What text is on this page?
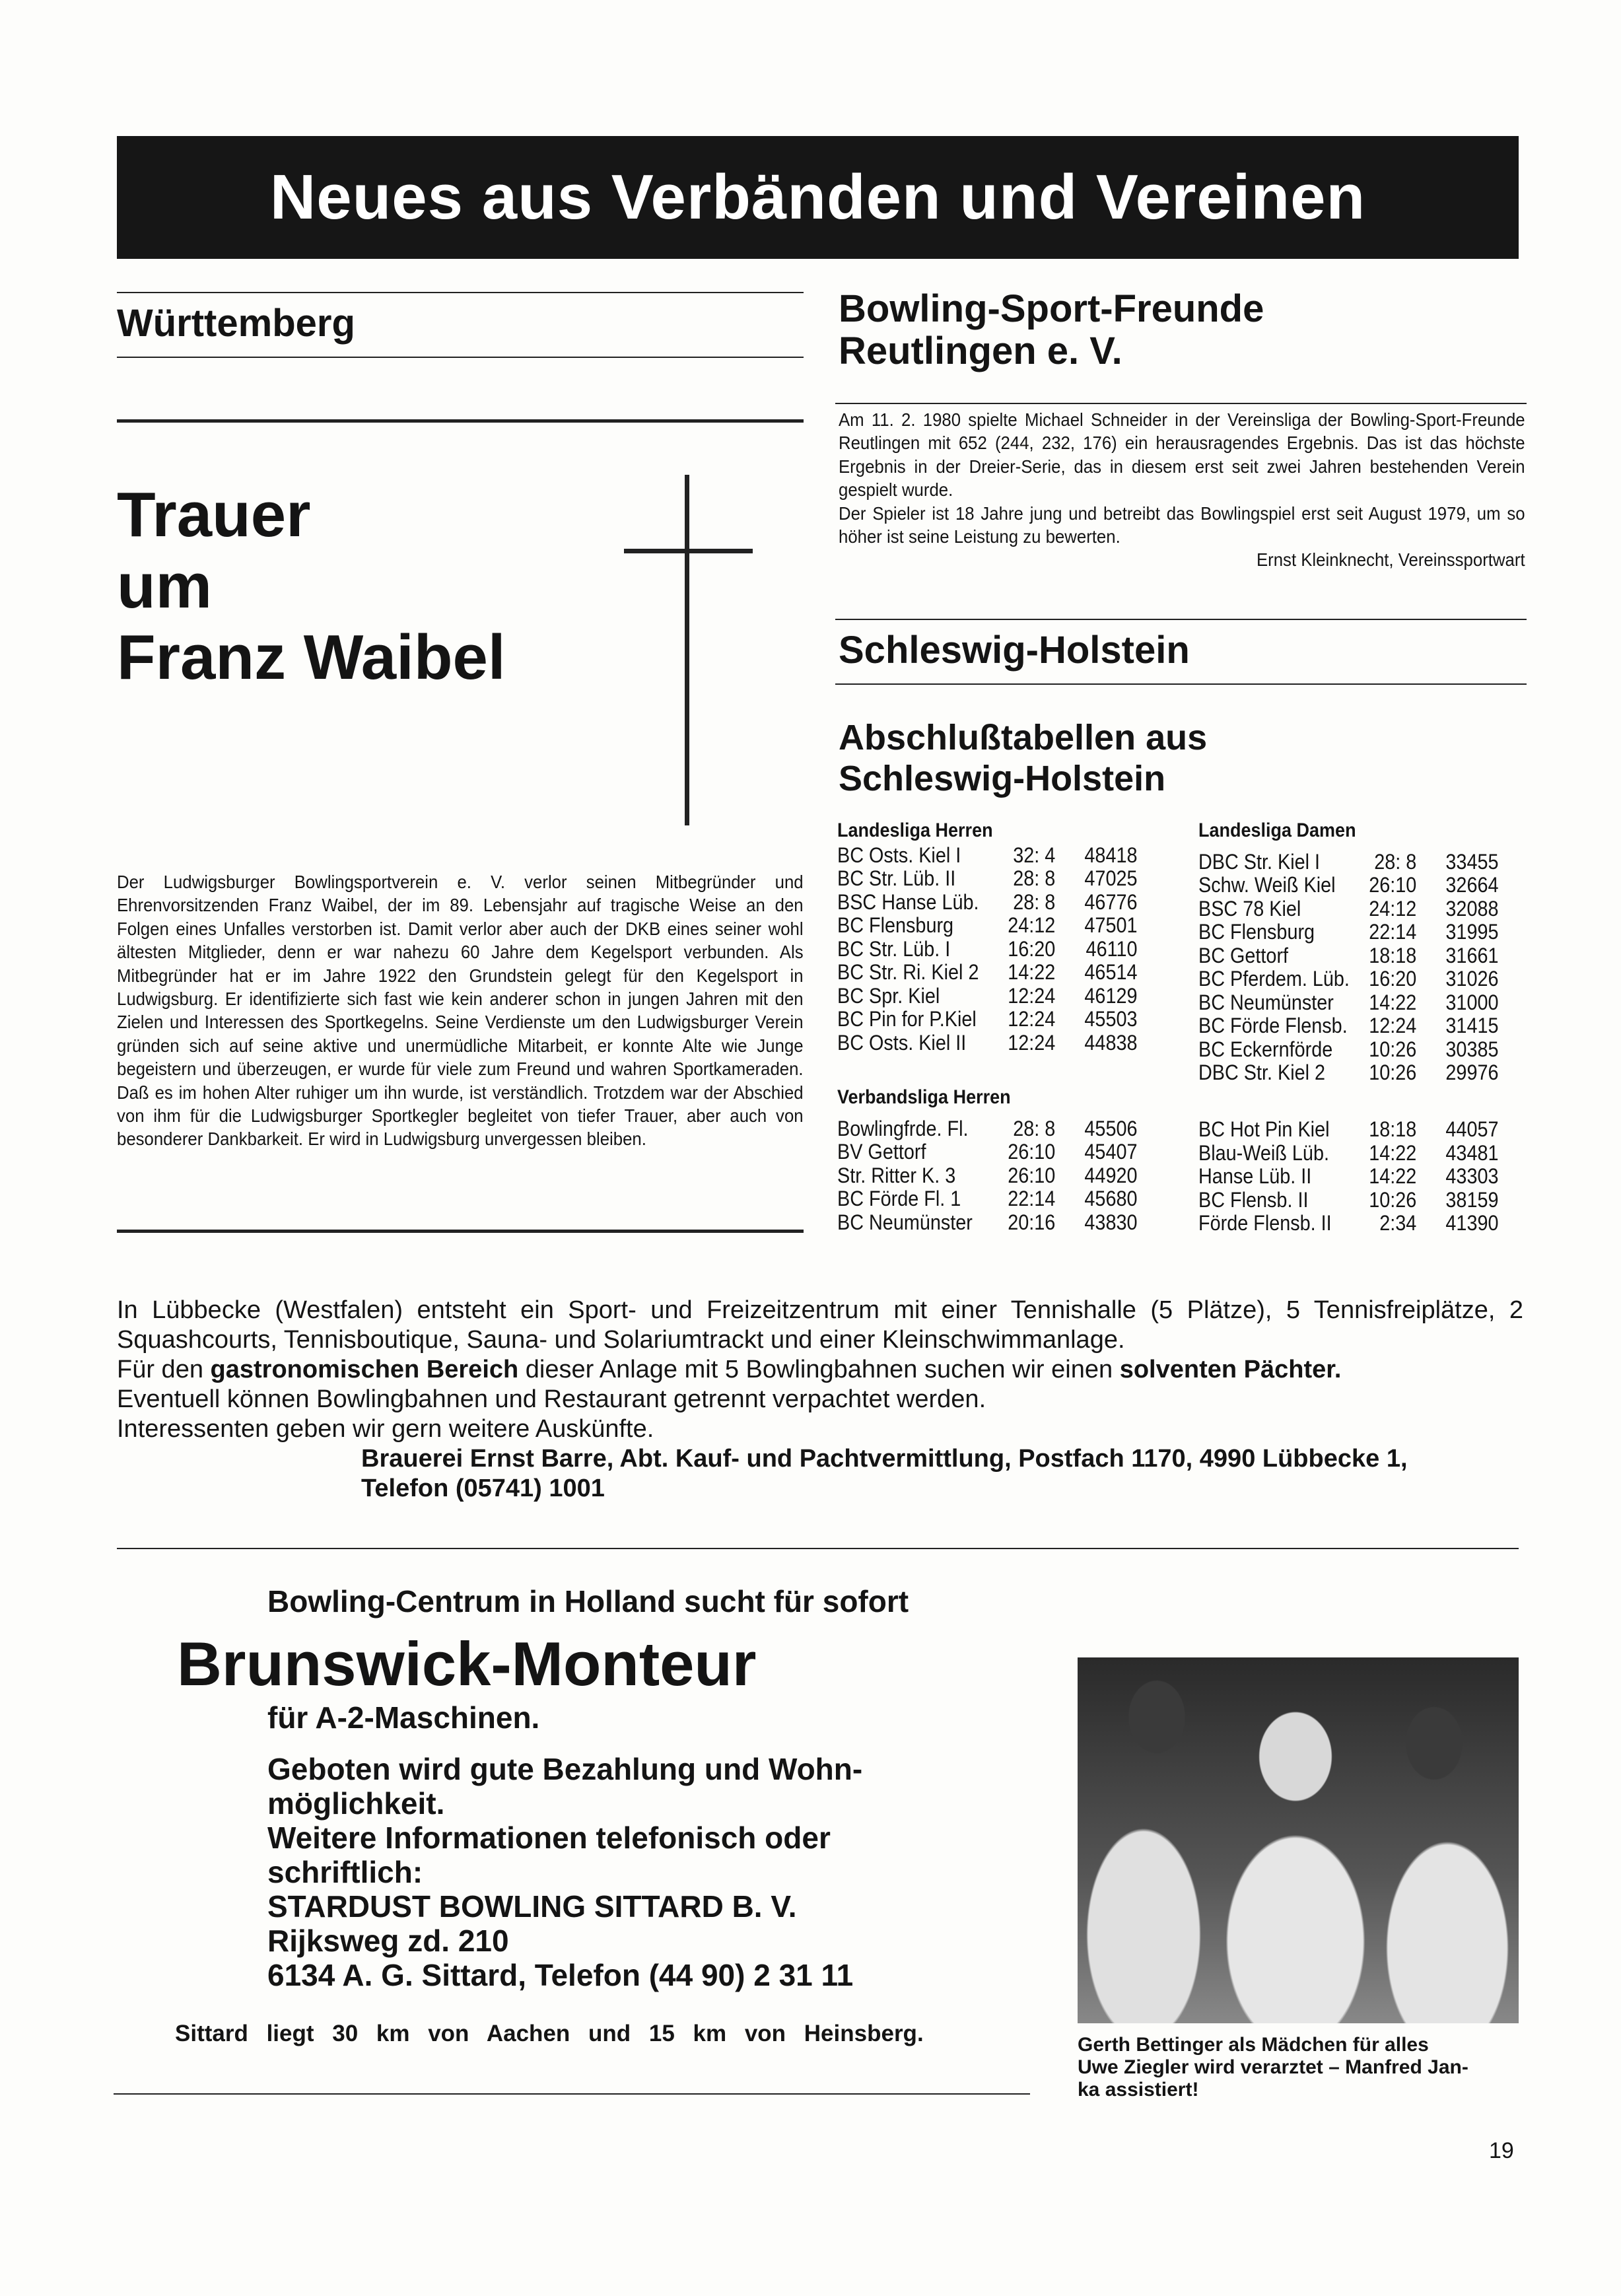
Neues aus Verbänden und Vereinen
Württemberg
Trauer
um
Franz Waibel
Der Ludwigsburger Bowlingsportverein e. V. verlor seinen Mitbegründer und Ehrenvorsitzenden Franz Waibel, der im 89. Lebensjahr auf tragische Weise an den Folgen eines Unfalles verstorben ist. Damit verlor aber auch der DKB eines seiner wohl ältesten Mitglieder, denn er war nahezu 60 Jahre dem Kegelsport verbunden. Als Mitbegründer hat er im Jahre 1922 den Grundstein gelegt für den Kegelsport in Ludwigsburg. Er identifizierte sich fast wie kein anderer schon in jungen Jahren mit den Zielen und Interessen des Sportkegelns. Seine Verdienste um den Ludwigsburger Verein gründen sich auf seine aktive und unermüdliche Mitarbeit, er konnte Alte wie Junge begeistern und überzeugen, er wurde für viele zum Freund und wahren Sportkameraden. Daß es im hohen Alter ruhiger um ihn wurde, ist verständlich. Trotzdem war der Abschied von ihm für die Ludwigsburger Sportkegler begleitet von tiefer Trauer, aber auch von besonderer Dankbarkeit. Er wird in Ludwigsburg unvergessen bleiben.
Bowling-Sport-Freunde
Reutlingen e. V.
Am 11. 2. 1980 spielte Michael Schneider in der Vereinsliga der Bowling-Sport-Freunde Reutlingen mit 652 (244, 232, 176) ein herausragendes Ergebnis. Das ist das höchste Ergebnis in der Dreier-Serie, das in diesem erst seit zwei Jahren bestehenden Verein gespielt wurde.
Der Spieler ist 18 Jahre jung und betreibt das Bowlingspiel erst seit August 1979, um so höher ist seine Leistung zu bewerten.
Ernst Kleinknecht, Vereinssportwart
Schleswig-Holstein
Abschlußtabellen aus
Schleswig-Holstein
Landesliga Herren
BC Osts. Kiel I	32: 4	48418
BC Str. Lüb. II	28: 8	47025
BSC Hanse Lüb.	28: 8	46776
BC Flensburg	24:12	47501
BC Str. Lüb. I	16:20	46110
BC Str. Ri. Kiel 2	14:22	46514
BC Spr. Kiel	12:24	46129
BC Pin for P.Kiel	12:24	45503
BC Osts. Kiel II	12:24	44838
Landesliga Damen
DBC Str. Kiel I	28: 8	33455
Schw. Weiß Kiel	26:10	32664
BSC 78 Kiel	24:12	32088
BC Flensburg	22:14	31995
BC Gettorf	18:18	31661
BC Pferdem. Lüb. 16:20	31026
BC Neumünster	14:22	31000
BC Förde Flensb.	12:24	31415
BC Eckernförde	10:26	30385
DBC Str. Kiel 2	10:26	29976
Verbandsliga Herren
Bowlingfrde. Fl.	28: 8	45506
BV Gettorf	26:10	45407
Str. Ritter K. 3	26:10	44920
BC Förde Fl. 1	22:14	45680
BC Neumünster	20:16	43830
BC Hot Pin Kiel	18:18	44057
Blau-Weiß Lüb.	14:22	43481
Hanse Lüb. II	14:22	43303
BC Flensb. II	10:26	38159
Förde Flensb. II	2:34	41390
In Lübbecke (Westfalen) entsteht ein Sport- und Freizeitzentrum mit einer Tennishalle (5 Plätze), 5 Tennisfreiplätze, 2 Squashcourts, Tennisboutique, Sauna- und Solariumtrackt und einer Kleinschwimmanlage.
Für den gastronomischen Bereich dieser Anlage mit 5 Bowlingbahnen suchen wir einen solventen Pächter.
Eventuell können Bowlingbahnen und Restaurant getrennt verpachtet werden.
Interessenten geben wir gern weitere Auskünfte.
Brauerei Ernst Barre, Abt. Kauf- und Pachtvermittlung, Postfach 1170, 4990 Lübbecke 1,
Telefon (05741) 1001
Bowling-Centrum in Holland sucht für sofort
Brunswick-Monteur
für A-2-Maschinen.
Geboten wird gute Bezahlung und Wohn-
möglichkeit.
Weitere Informationen telefonisch oder
schriftlich:
STARDUST BOWLING SITTARD B. V.
Rijksweg zd. 210
6134 A. G. Sittard, Telefon (44 90) 2 31 11
Sittard liegt 30 km von Aachen und 15 km von Heinsberg.	Gerth Bettinger als Mädchen für alles
Uwe Ziegler wird verarztet – Manfred Jan-
ka assistiert!
19
